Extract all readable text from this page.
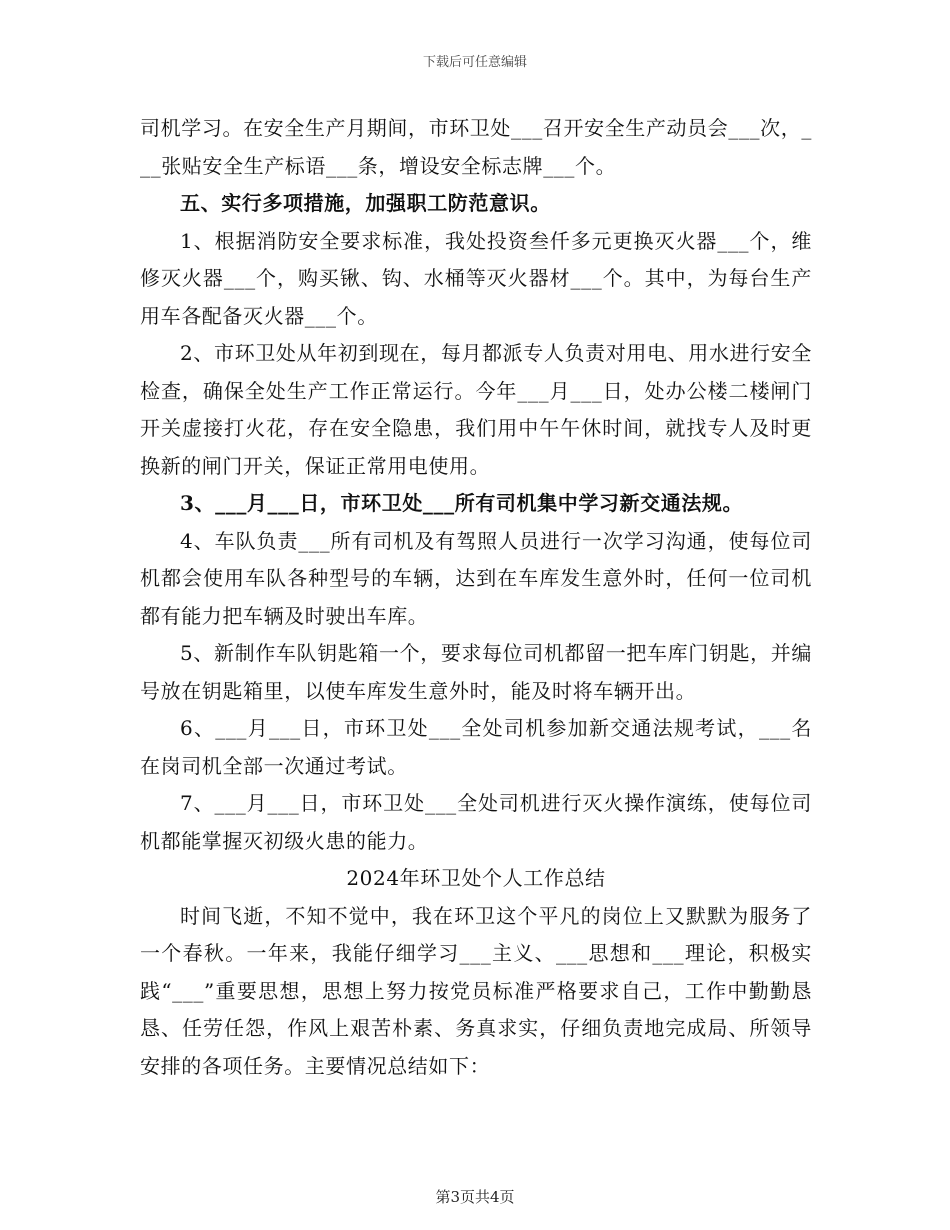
下载后可任意编辑

司机学习。在安全生产月期间，市环卫处___召开安全生产动员会___次，___张贴安全生产标语___条，增设安全标志牌___个。

五、实行多项措施，加强职工防范意识。

1、根据消防安全要求标准，我处投资叁仟多元更换灭火器___个，维修灭火器___个，购买锹、钩、水桶等灭火器材___个。其中，为每台生产用车各配备灭火器___个。

2、市环卫处从年初到现在，每月都派专人负责对用电、用水进行安全检查，确保全处生产工作正常运行。今年___月___日，处办公楼二楼闸门开关虚接打火花，存在安全隐患，我们用中午午休时间，就找专人及时更换新的闸门开关，保证正常用电使用。

3、___月___日，市环卫处___所有司机集中学习新交通法规。

4、车队负责___所有司机及有驾照人员进行一次学习沟通，使每位司机都会使用车队各种型号的车辆，达到在车库发生意外时，任何一位司机都有能力把车辆及时驶出车库。

5、新制作车队钥匙箱一个，要求每位司机都留一把车库门钥匙，并编号放在钥匙箱里，以使车库发生意外时，能及时将车辆开出。

6、___月___日，市环卫处___全处司机参加新交通法规考试，___名在岗司机全部一次通过考试。

7、___月___日，市环卫处___全处司机进行灭火操作演练，使每位司机都能掌握灭初级火患的能力。

2024年环卫处个人工作总结

时间飞逝，不知不觉中，我在环卫这个平凡的岗位上又默默为服务了一个春秋。一年来，我能仔细学习___主义、___思想和___理论，积极实践“___”重要思想，思想上努力按党员标准严格要求自己，工作中勤勤恳恳、任劳任怨，作风上艰苦朴素、务真求实，仔细负责地完成局、所领导安排的各项任务。主要情况总结如下：

第3页共4页
